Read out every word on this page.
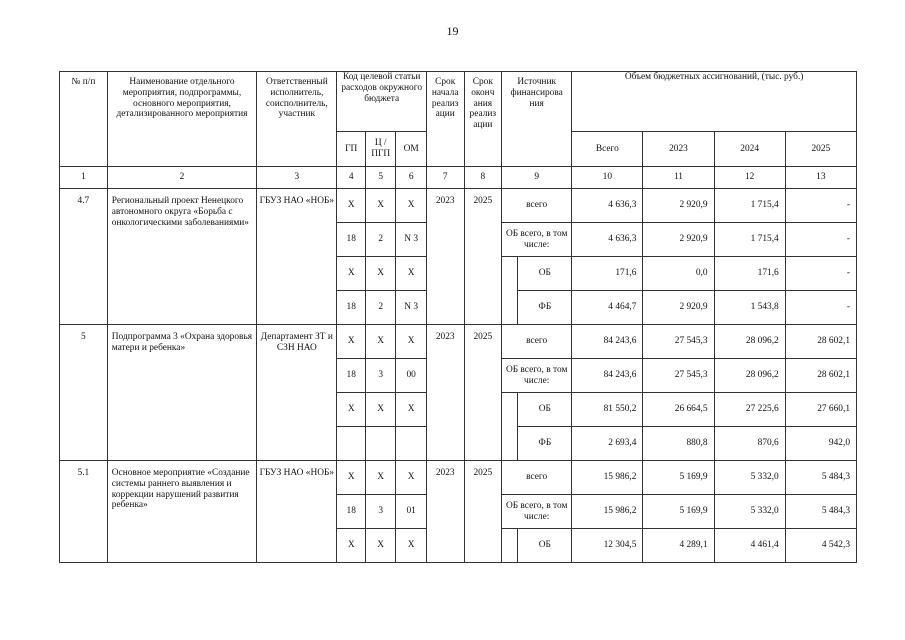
19
№ п/п	Наименование отдельного мероприятия, подпрограммы, основного мероприятия, детализированного мероприятия	Ответственный исполнитель, соисполнитель, участник	Код целевой статьи расходов окружного бюджета			Срок начала реализ ации	Срок оконч ания реализ ации	Источник финансирова ния		Объем бюджетных ассигнований, (тыс. руб.)			
			ГП	Ц / ПГП	ОМ					Всего	2023	2024	2025
1	2	3	4	5	6	7	8	9		10	11	12	13
4.7	Региональный проект Ненецкого автономного округа «Борьба с онкологическими заболеваниями»	ГБУЗ НАО «НОБ»	Х	Х	Х	2023	2025	всего		4 636,3	2 920,9	1 715,4	-
			18	2	N 3			ОБ всего, в том числе:		4 636,3	2 920,9	1 715,4	-
			Х	Х	Х				ОБ	171,6	0,0	171,6	-
			18	2	N 3				ФБ	4 464,7	2 920,9	1 543,8	-
5	Подпрограмма 3 «Охрана здоровья матери и ребенка»	Департамент ЗТ и СЗН НАО	Х	Х	Х	2023	2025	всего		84 243,6	27 545,3	28 096,2	28 602,1
			18	3	00			ОБ всего, в том числе:		84 243,6	27 545,3	28 096,2	28 602,1
			Х	Х	Х				ОБ	81 550,2	26 664,5	27 225,6	27 660,1
									ФБ	2 693,4	880,8	870,6	942,0
5.1	Основное мероприятие «Создание системы раннего выявления и коррекции нарушений развития ребенка»	ГБУЗ НАО «НОБ»	Х	Х	Х	2023	2025	всего		15 986,2	5 169,9	5 332,0	5 484,3
			18	3	01			ОБ всего, в том числе:		15 986,2	5 169,9	5 332,0	5 484,3
			Х	Х	Х				ОБ	12 304,5	4 289,1	4 461,4	4 542,3
